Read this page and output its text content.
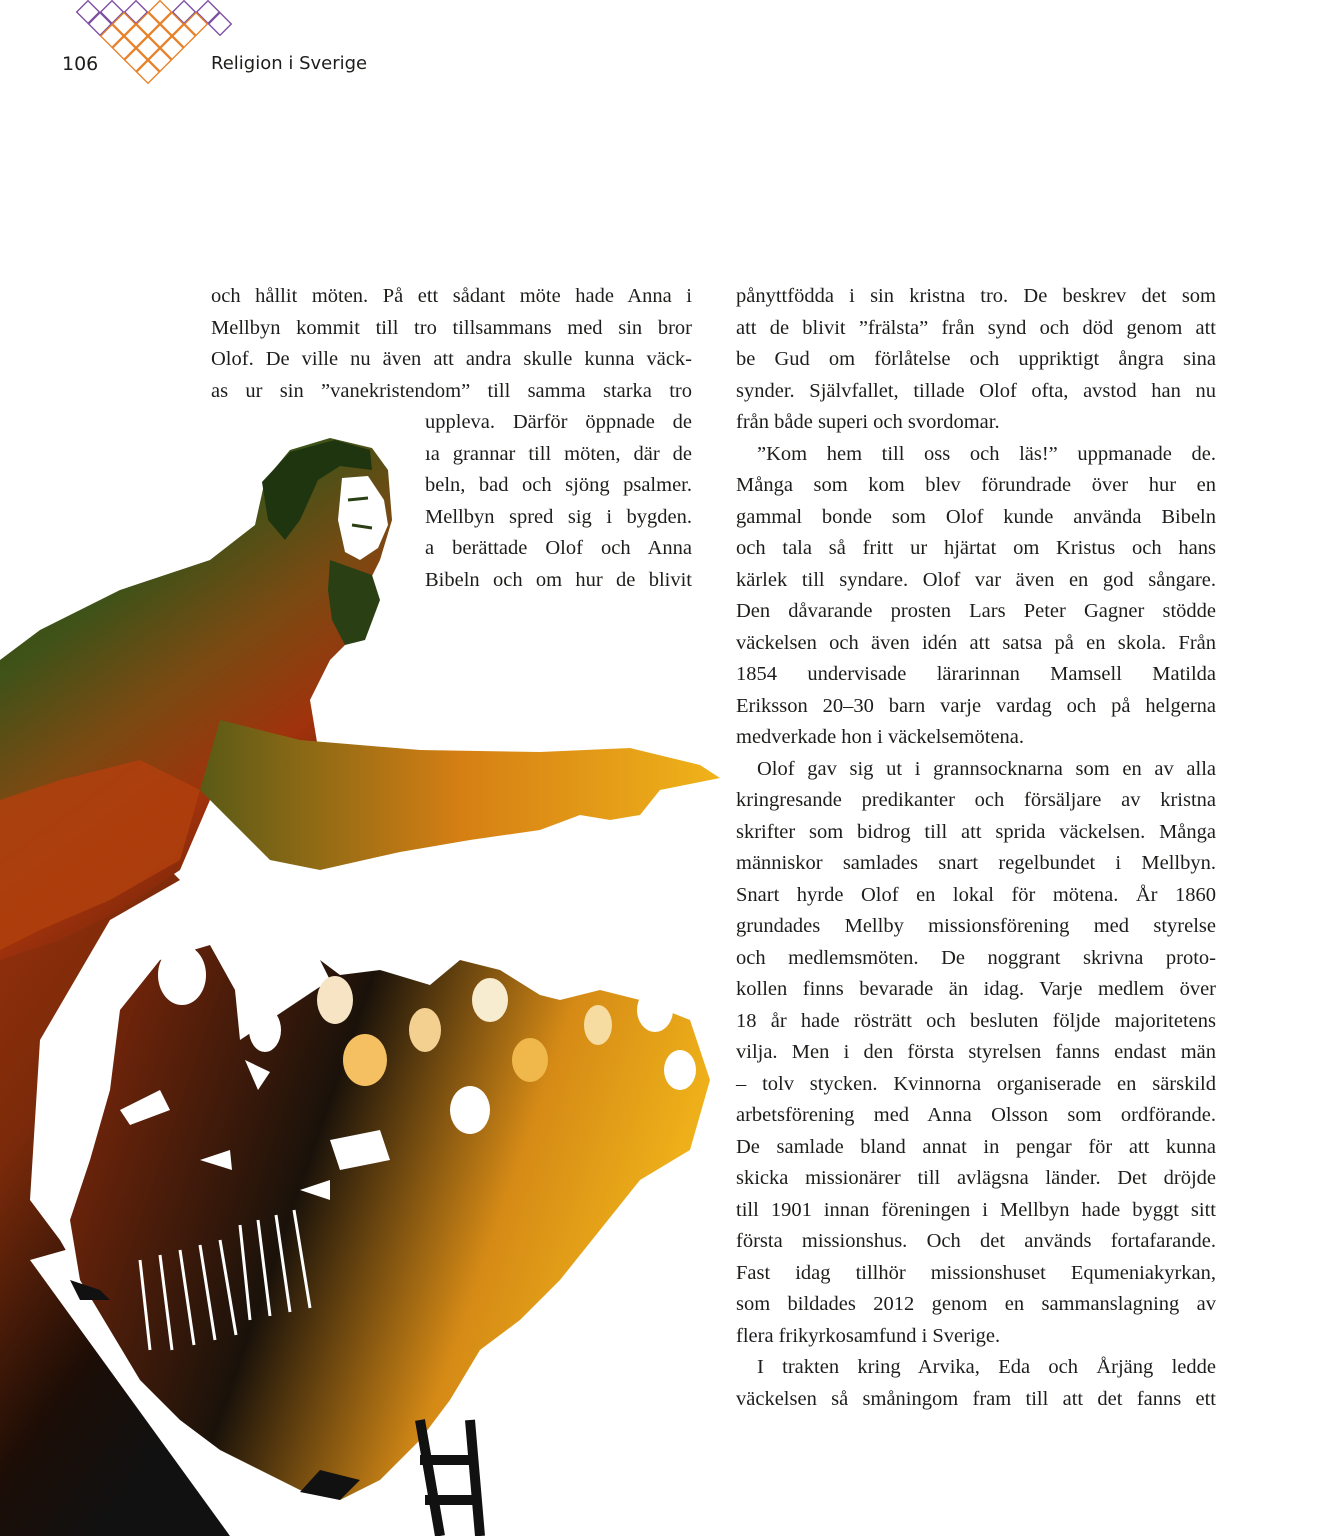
106	Religion i Sverige
och hållit möten. På ett sådant möte hade Anna i
Mellbyn kommit till tro tillsammans med sin bror
Olof. De ville nu även att andra skulle kunna väck-
as ur sin ”vanekristendom” till samma starka tro
uppleva. Därför öppnade de
ıa grannar till möten, där de
beln, bad och sjöng psalmer.
Mellbyn spred sig i bygden.
a berättade Olof och Anna
Bibeln och om hur de blivit
pånyttfödda i sin kristna tro. De beskrev det som
att de blivit ”frälsta” från synd och död genom att
be Gud om förlåtelse och uppriktigt ångra sina
synder. Självfallet, tillade Olof ofta, avstod han nu
från både superi och svordomar.
”Kom hem till oss och läs!” uppmanade de.
Många som kom blev förundrade över hur en
gammal bonde som Olof kunde använda Bibeln
och tala så fritt ur hjärtat om Kristus och hans
kärlek till syndare. Olof var även en god sångare.
Den dåvarande prosten Lars Peter Gagner stödde
väckelsen och även idén att satsa på en skola. Från
1854 undervisade lärarinnan Mamsell Matilda
Eriksson 20–30 barn varje vardag och på helgerna
medverkade hon i väckelsemötena.
Olof gav sig ut i grannsocknarna som en av alla
kringresande predikanter och försäljare av kristna
skrifter som bidrog till att sprida väckelsen. Många
människor samlades snart regelbundet i Mellbyn.
Snart hyrde Olof en lokal för mötena. År 1860
grundades Mellby missionsförening med styrelse
och medlemsmöten. De noggrant skrivna proto-
kollen finns bevarade än idag. Varje medlem över
18 år hade rösträtt och besluten följde majoritetens
vilja. Men i den första styrelsen fanns endast män
– tolv stycken. Kvinnorna organiserade en särskild
arbetsförening med Anna Olsson som ordförande.
De samlade bland annat in pengar för att kunna
skicka missionärer till avlägsna länder. Det dröjde
till 1901 innan föreningen i Mellbyn hade byggt sitt
första missionshus. Och det används fortafarande.
Fast idag tillhör missionshuset Equmeniakyrkan,
som bildades 2012 genom en sammanslagning av
flera frikyrkosamfund i Sverige.
I trakten kring Arvika, Eda och Årjäng ledde
väckelsen så småningom fram till att det fanns ett
